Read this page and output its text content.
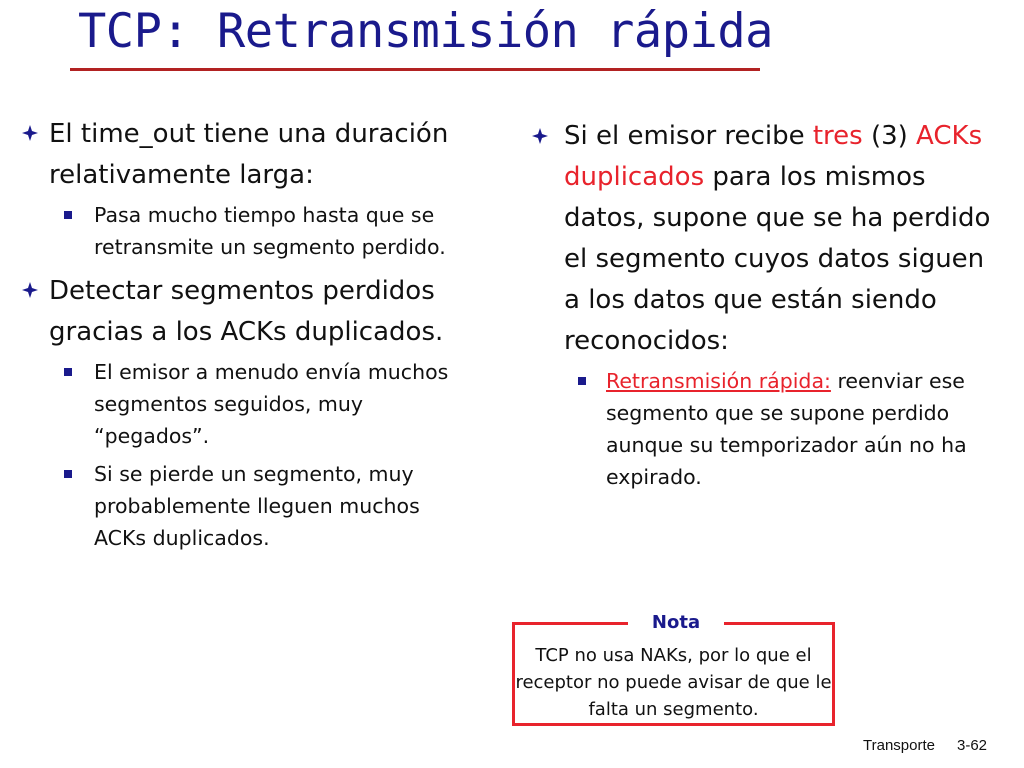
TCP: Retransmisión rápida
El time_out tiene una duración relativamente larga:
Pasa mucho tiempo hasta que se retransmite un segmento perdido.
Detectar segmentos perdidos gracias a los ACKs duplicados.
El emisor a menudo envía muchos segmentos seguidos, muy “pegados”.
Si se pierde un segmento, muy probablemente lleguen muchos ACKs duplicados.
Si el emisor recibe tres (3) ACKs duplicados para los mismos datos, supone que se ha perdido el segmento cuyos datos siguen a los datos que están siendo reconocidos:
Retransmisión rápida: reenviar ese segmento que se supone perdido aunque su temporizador aún no ha expirado.
Nota
TCP no usa NAKs, por lo que el receptor no puede avisar de que le falta un segmento.
Transporte 3-62
